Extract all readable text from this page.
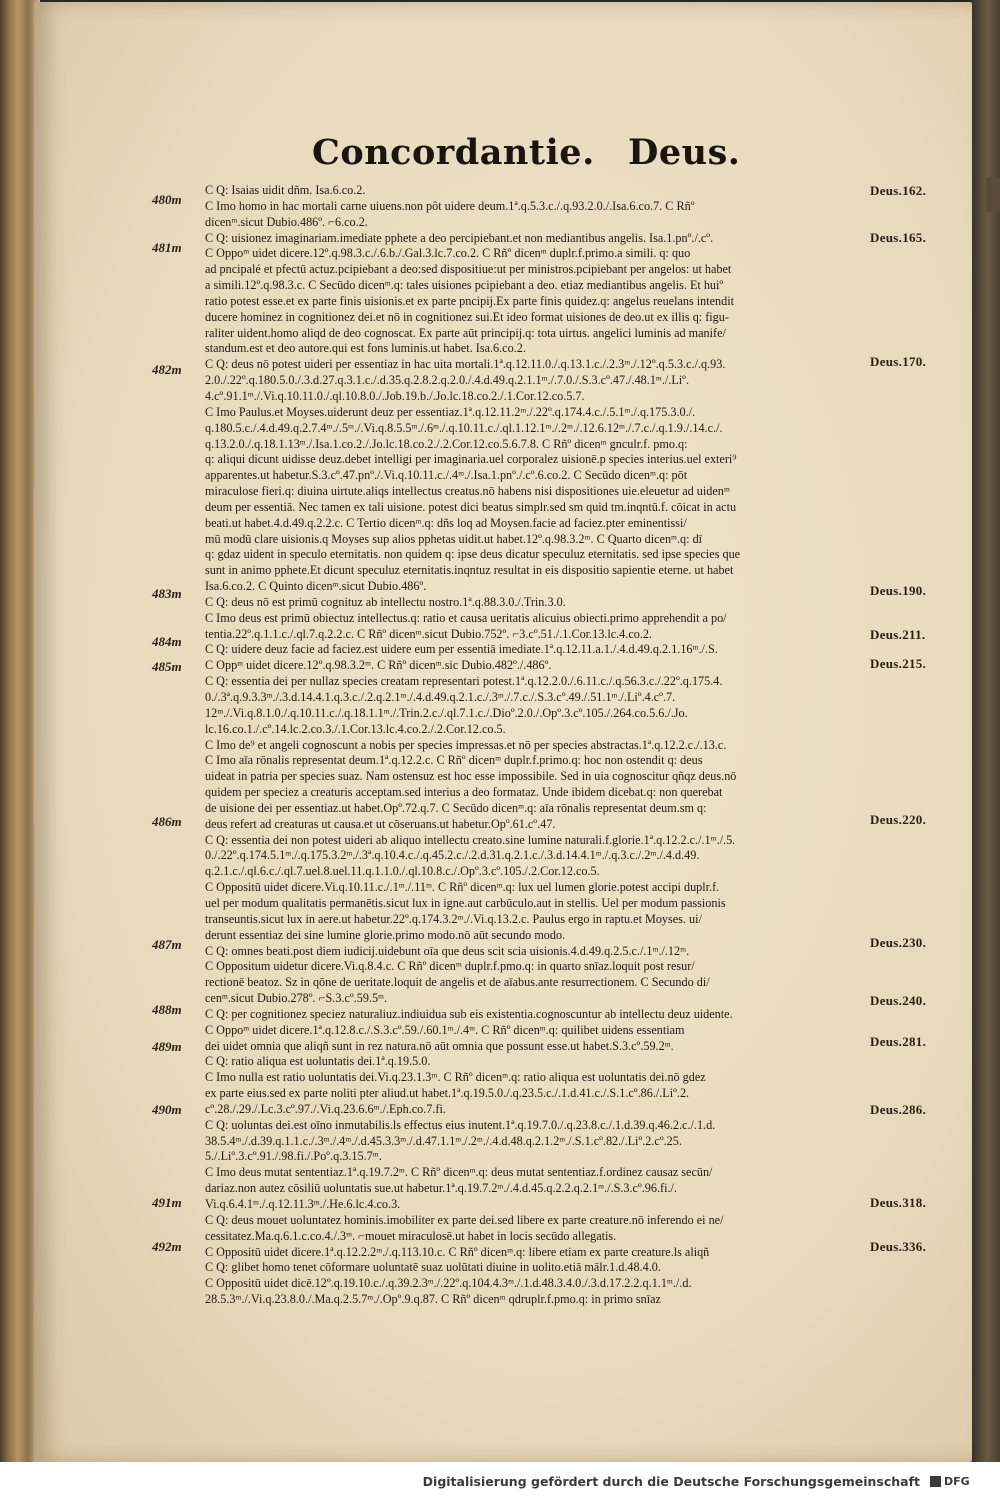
Concordantie. Deus.
480m
481m
482m
483m
484m
485m
486m
487m
488m
489m
490m
491m
492m
Deus.162.
Deus.165.
Deus.170.
Deus.190.
Deus.211.
Deus.215.
Deus.220.
Deus.230.
Deus.240.
Deus.281.
Deus.286.
Deus.318.
Deus.336.
C Q: Isaias uidit dñm. Isa.6.co.2.
C Imo homo in hac mortali carne uiuens.non pôt uidere deum.1ª.q.5.3.c./.q.93.2.0./.Isa.6.co.7. C Rñº
dicenᵐ.sicut Dubio.486º. ⌐6.co.2.
C Q: uisionez imaginariam.imediate pphete a deo percipiebant.et non mediantibus angelis. Isa.1.pnº./.cº.
C Oppoᵐ uidet dicere.12º.q.98.3.c./.6.b./.Gal.3.lc.7.co.2. C Rñº dicenᵐ duplr.f.primo.a simili. q: quo
ad pncipalé et pfectū actuz.pcipiebant a deo:sed dispositiue:ut per ministros.pcipiebant per angelos: ut habet
a simili.12º.q.98.3.c. C Secūdo dicenᵐ.q: tales uisiones pcipiebant a deo. etiaz mediantibus angelis. Et huiº
ratio potest esse.et ex parte finis uisionis.et ex parte pncipij.Ex parte finis quidez.q: angelus reuelans intendit
ducere hominez in cognitionez dei.et nō in cognitionez sui.Et ideo format uisiones de deo.ut ex illis q: figu-
raliter uident.homo aliqd de deo cognoscat. Ex parte aūt principij.q: tota uirtus. angelici luminis ad manife/
standum.est et deo autore.qui est fons luminis.ut habet. Isa.6.co.2.
C Q: deus nō potest uideri per essentiaz in hac uita mortali.1ª.q.12.11.0./.q.13.1.c./.2.3ᵐ./.12º.q.5.3.c./.q.93.
2.0./.22º.q.180.5.0./.3.d.27.q.3.1.c./.d.35.q.2.8.2.q.2.0./.4.d.49.q.2.1.1ᵐ./.7.0./.S.3.cº.47./.48.1ᵐ./.Liº.
4.cº.91.1ᵐ./.Vi.q.10.11.0./.ql.10.8.0./.Job.19.b./.Jo.lc.18.co.2./.1.Cor.12.co.5.7.
C Imo Paulus.et Moyses.uiderunt deuz per essentiaz.1ª.q.12.11.2ᵐ./.22º.q.174.4.c./.5.1ᵐ./.q.175.3.0./.
q.180.5.c./.4.d.49.q.2.7.4ᵐ./.5ᵐ./.Vi.q.8.5.5ᵐ./.6ᵐ./.q.10.11.c./.ql.1.12.1ᵐ./.2ᵐ./.12.6.12ᵐ./.7.c./.q.1.9./.14.c./.
q.13.2.0./.q.18.1.13ᵐ./.Isa.1.co.2./.Jo.lc.18.co.2./.2.Cor.12.co.5.6.7.8. C Rñº dicenᵐ gnculr.f. pmo.q:
q: aliqui dicunt uidisse deuz.debet intelligi per imaginaria.uel corporalez uisionē.p species interius.uel exteri⁹
apparentes.ut habetur.S.3.cº.47.pnº./.Vi.q.10.11.c./.4ᵐ./.Isa.1.pnº./.cº.6.co.2. C Secūdo dicenᵐ.q: pōt
miraculose fieri.q: diuina uirtute.aliqs intellectus creatus.nō habens nisi dispositiones uie.eleuetur ad uidenᵐ
deum per essentiā. Nec tamen ex tali uisione. potest dici beatus simplr.sed sm quid tm.inqntū.f. cōicat in actu
beati.ut habet.4.d.49.q.2.2.c. C Tertio dicenᵐ.q: dñs loq ad Moysen.facie ad faciez.pter eminentissi/
mū modū clare uisionis.q Moyses sup alios pphetas uidit.ut habet.12º.q.98.3.2ᵐ. C Quarto dicenᵐ.q: dī
q: gdaz uident in speculo eternitatis. non quidem q: ipse deus dicatur speculuz eternitatis. sed ipse species que
sunt in animo pphete.Et dicunt speculuz eternitatis.inqntuz resultat in eis dispositio sapientie eterne. ut habet
Isa.6.co.2. C Quinto dicenᵐ.sicut Dubio.486º.
C Q: deus nō est primū cognituz ab intellectu nostro.1ª.q.88.3.0./.Trin.3.0.
C Imo deus est primū obiectuz intellectus.q: ratio et causa ueritatis alicuius obiecti.primo apprehendit a po/
tentia.22º.q.1.1.c./.ql.7.q.2.2.c. C Rñº dicenᵐ.sicut Dubio.752º. ⌐3.cº.51./.1.Cor.13.lc.4.co.2.
C Q: uidere deuz facie ad faciez.est uidere eum per essentiā imediate.1ª.q.12.11.a.1./.4.d.49.q.2.1.16ᵐ./.S.
C Oppᵐ uidet dicere.12º.q.98.3.2ᵐ. C Rñº dicenᵐ.sic Dubio.482º./.486º.
C Q: essentia dei per nullaz species creatam representari potest.1ª.q.12.2.0./.6.11.c./.q.56.3.c./.22º.q.175.4.
0./.3ª.q.9.3.3ᵐ./.3.d.14.4.1.q.3.c./.2.q.2.1ᵐ./.4.d.49.q.2.1.c./.3ᵐ./.7.c./.S.3.cº.49./.51.1ᵐ./.Liº.4.cº.7.
12ᵐ./.Vi.q.8.1.0./.q.10.11.c./.q.18.1.1ᵐ./.Trin.2.c./.ql.7.1.c./.Dioº.2.0./.Opº.3.cº.105./.264.co.5.6./.Jo.
lc.16.co.1./.cº.14.lc.2.co.3./.1.Cor.13.lc.4.co.2./.2.Cor.12.co.5.
C Imo de⁹ et angeli cognoscunt a nobis per species impressas.et nō per species abstractas.1ª.q.12.2.c./.13.c.
C Imo aīa rōnalis representat deum.1ª.q.12.2.c. C Rñº dicenᵐ duplr.f.primo.q: hoc non ostendit q: deus
uideat in patria per species suaz. Nam ostensuz est hoc esse impossibile. Sed in uia cognoscitur qñqz deus.nō
quidem per speciez a creaturis acceptam.sed interius a deo formataz. Unde ibidem dicebat.q: non querebat
de uisione dei per essentiaz.ut habet.Opº.72.q.7. C Secūdo dicenᵐ.q: aīa rōnalis representat deum.sm q:
deus refert ad creaturas ut causa.et ut cōseruans.ut habetur.Opº.61.cº.47.
C Q: essentia dei non potest uideri ab aliquo intellectu creato.sine lumine naturali.f.glorie.1ª.q.12.2.c./.1ᵐ./.5.
0./.22º.q.174.5.1ᵐ./.q.175.3.2ᵐ./.3ª.q.10.4.c./.q.45.2.c./.2.d.31.q.2.1.c./.3.d.14.4.1ᵐ./.q.3.c./.2ᵐ./.4.d.49.
q.2.1.c./.ql.6.c./.ql.7.uel.8.uel.11.q.1.1.0./.ql.10.8.c./.Opº.3.cº.105./.2.Cor.12.co.5.
C Oppositū uidet dicere.Vi.q.10.11.c./.1ᵐ./.11ᵐ. C Rñº dicenᵐ.q: lux uel lumen glorie.potest accipi duplr.f.
uel per modum qualitatis permanētis.sicut lux in igne.aut carbūculo.aut in stellis. Uel per modum passionis
transeuntis.sicut lux in aere.ut habetur.22º.q.174.3.2ᵐ./.Vi.q.13.2.c. Paulus ergo in raptu.et Moyses. ui/
derunt essentiaz dei sine lumine glorie.primo modo.nō aūt secundo modo.
C Q: omnes beati.post diem iudicij.uidebunt oīa que deus scit scia uisionis.4.d.49.q.2.5.c./.1ᵐ./.12ᵐ.
C Oppositum uidetur dicere.Vi.q.8.4.c. C Rñº dicenᵐ duplr.f.pmo.q: in quarto snīaz.loquit post resur/
rectionē beatoz. Sz in qōne de ueritate.loquit de angelis et de aīabus.ante resurrectionem. C Secundo di/
cenᵐ.sicut Dubio.278º. ⌐S.3.cº.59.5ᵐ.
C Q: per cognitionez speciez naturaliuz.indiuidua sub eis existentia.cognoscuntur ab intellectu deuz uidente.
C Oppoᵐ uidet dicere.1ª.q.12.8.c./.S.3.cº.59./.60.1ᵐ./.4ᵐ. C Rñº dicenᵐ.q: quilibet uidens essentiam
dei uidet omnia que aliqñ sunt in rez natura.nō aūt omnia que possunt esse.ut habet.S.3.cº.59.2ᵐ.
C Q: ratio aliqua est uoluntatis dei.1ª.q.19.5.0.
C Imo nulla est ratio uoluntatis dei.Vi.q.23.1.3ᵐ. C Rñº dicenᵐ.q: ratio aliqua est uoluntatis dei.nō gdez
ex parte eius.sed ex parte noliti pter aliud.ut habet.1ª.q.19.5.0./.q.23.5.c./.1.d.41.c./.S.1.cº.86./.Liº.2.
cº.28./.29./.Lc.3.cº.97./.Vi.q.23.6.6ᵐ./.Eph.co.7.fi.
C Q: uoluntas dei.est oīno inmutabilis.ls effectus eius inutent.1ª.q.19.7.0./.q.23.8.c./.1.d.39.q.46.2.c./.1.d.
38.5.4ᵐ./.d.39.q.1.1.c./.3ᵐ./.4ᵐ./.d.45.3.3ᵐ./.d.47.1.1ᵐ./.2ᵐ./.4.d.48.q.2.1.2ᵐ./.S.1.cº.82./.Liº.2.cº.25.
5./.Liº.3.cº.91./.98.fi./.Poº.q.3.15.7ᵐ.
C Imo deus mutat sententiaz.1ª.q.19.7.2ᵐ. C Rñº dicenᵐ.q: deus mutat sententiaz.f.ordinez causaz secūn/
dariaz.non autez cōsiliū uoluntatis sue.ut habetur.1ª.q.19.7.2ᵐ./.4.d.45.q.2.2.q.2.1ᵐ./.S.3.cº.96.fi./.
Vi.q.6.4.1ᵐ./.q.12.11.3ᵐ./.He.6.lc.4.co.3.
C Q: deus mouet uoluntatez hominis.imobiliter ex parte dei.sed libere ex parte creature.nō inferendo ei ne/
cessitatez.Ma.q.6.1.c.co.4./.3ᵐ. ⌐mouet miraculosē.ut habet in locis secūdo allegatis.
C Oppositū uidet dicere.1ª.q.12.2.2ᵐ./.q.113.10.c. C Rñº dicenᵐ.q: libere etiam ex parte creature.ls aliqñ
C Q: glibet homo tenet cōformare uoluntatē suaz uolūtati diuine in uolito.etiā mālr.1.d.48.4.0.
C Oppositū uidet dicē.12º.q.19.10.c./.q.39.2.3ᵐ./.22º.q.104.4.3ᵐ./.1.d.48.3.4.0./.3.d.17.2.2.q.1.1ᵐ./.d.
28.5.3ᵐ./.Vi.q.23.8.0./.Ma.q.2.5.7ᵐ./.Opº.9.q.87. C Rñº dicenᵐ qdruplr.f.pmo.q: in primo snīaz
Digitalisierung gefördert durch die Deutsche Forschungsgemeinschaft DFG
